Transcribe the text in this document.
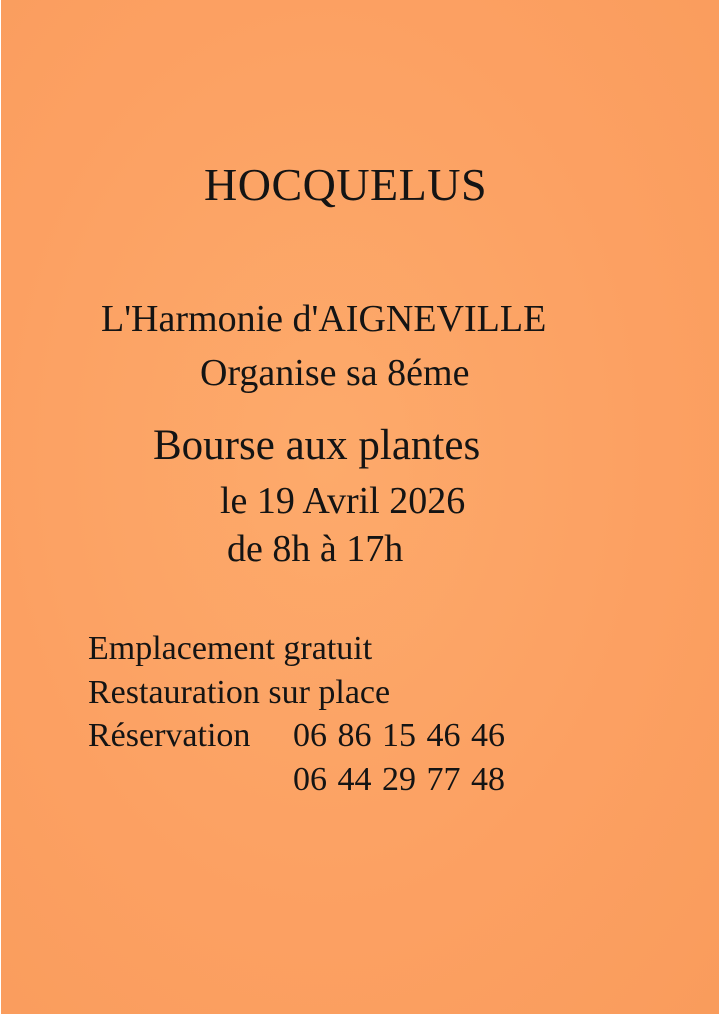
HOCQUELUS
L'Harmonie d'AIGNEVILLE
Organise sa 8éme
Bourse aux plantes
le 19 Avril 2026
de 8h à 17h
Emplacement gratuit
Restauration sur place
Réservation 06 86 15 46 46
06 44 29 77 48
